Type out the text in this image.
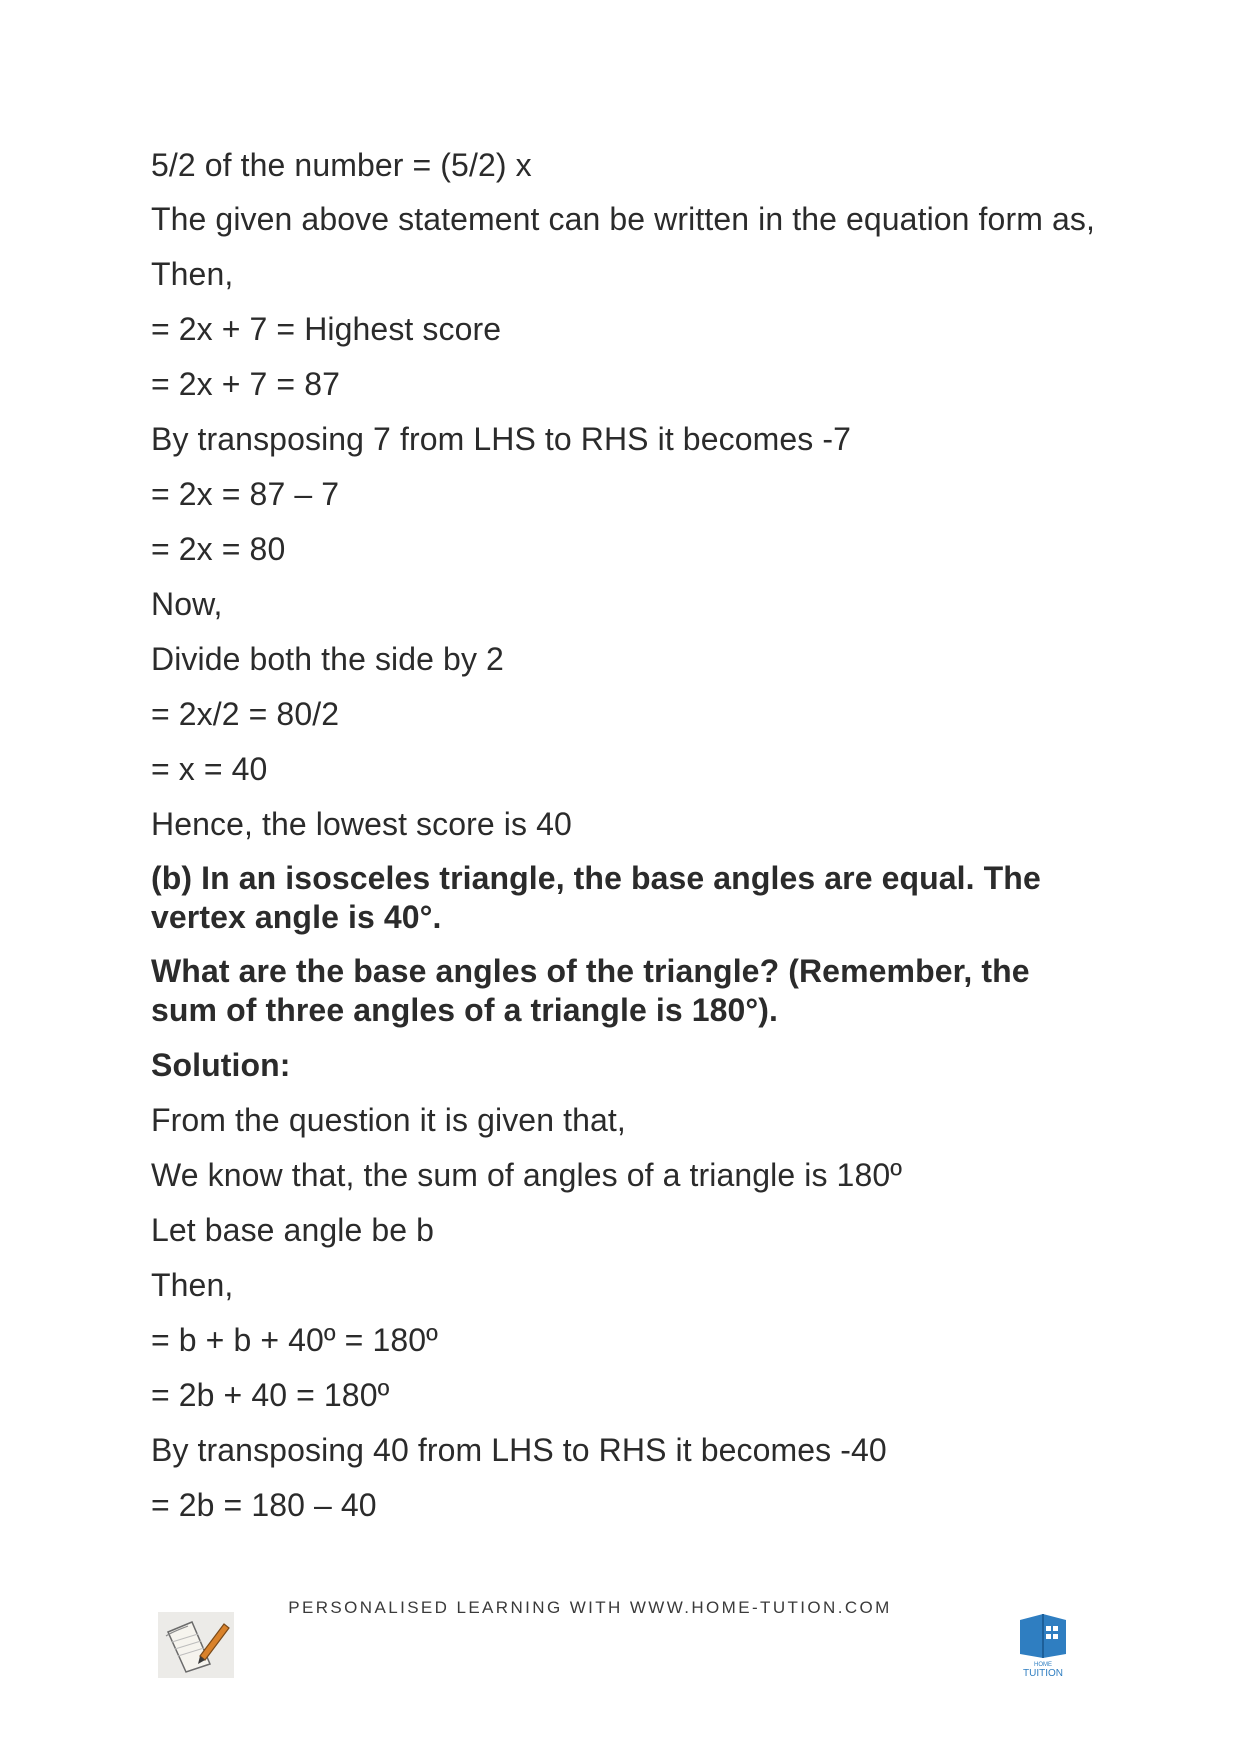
5/2 of the number = (5/2) x

The given above statement can be written in the equation form as,

Then,

= 2x + 7 = Highest score

= 2x + 7 = 87

By transposing 7 from LHS to RHS it becomes -7

= 2x = 87 – 7

= 2x = 80

Now,

Divide both the side by 2

= 2x/2 = 80/2

= x = 40

Hence, the lowest score is 40

(b) In an isosceles triangle, the base angles are equal. The vertex angle is 40°.

What are the base angles of the triangle? (Remember, the sum of three angles of a triangle is 180°).

Solution:

From the question it is given that,

We know that, the sum of angles of a triangle is 180º

Let base angle be b

Then,

= b + b + 40º = 180º

= 2b + 40 = 180º

By transposing 40 from LHS to RHS it becomes -40

= 2b = 180 – 40

PERSONALISED LEARNING WITH WWW.HOME-TUTION.COM
HOME
TUITION
